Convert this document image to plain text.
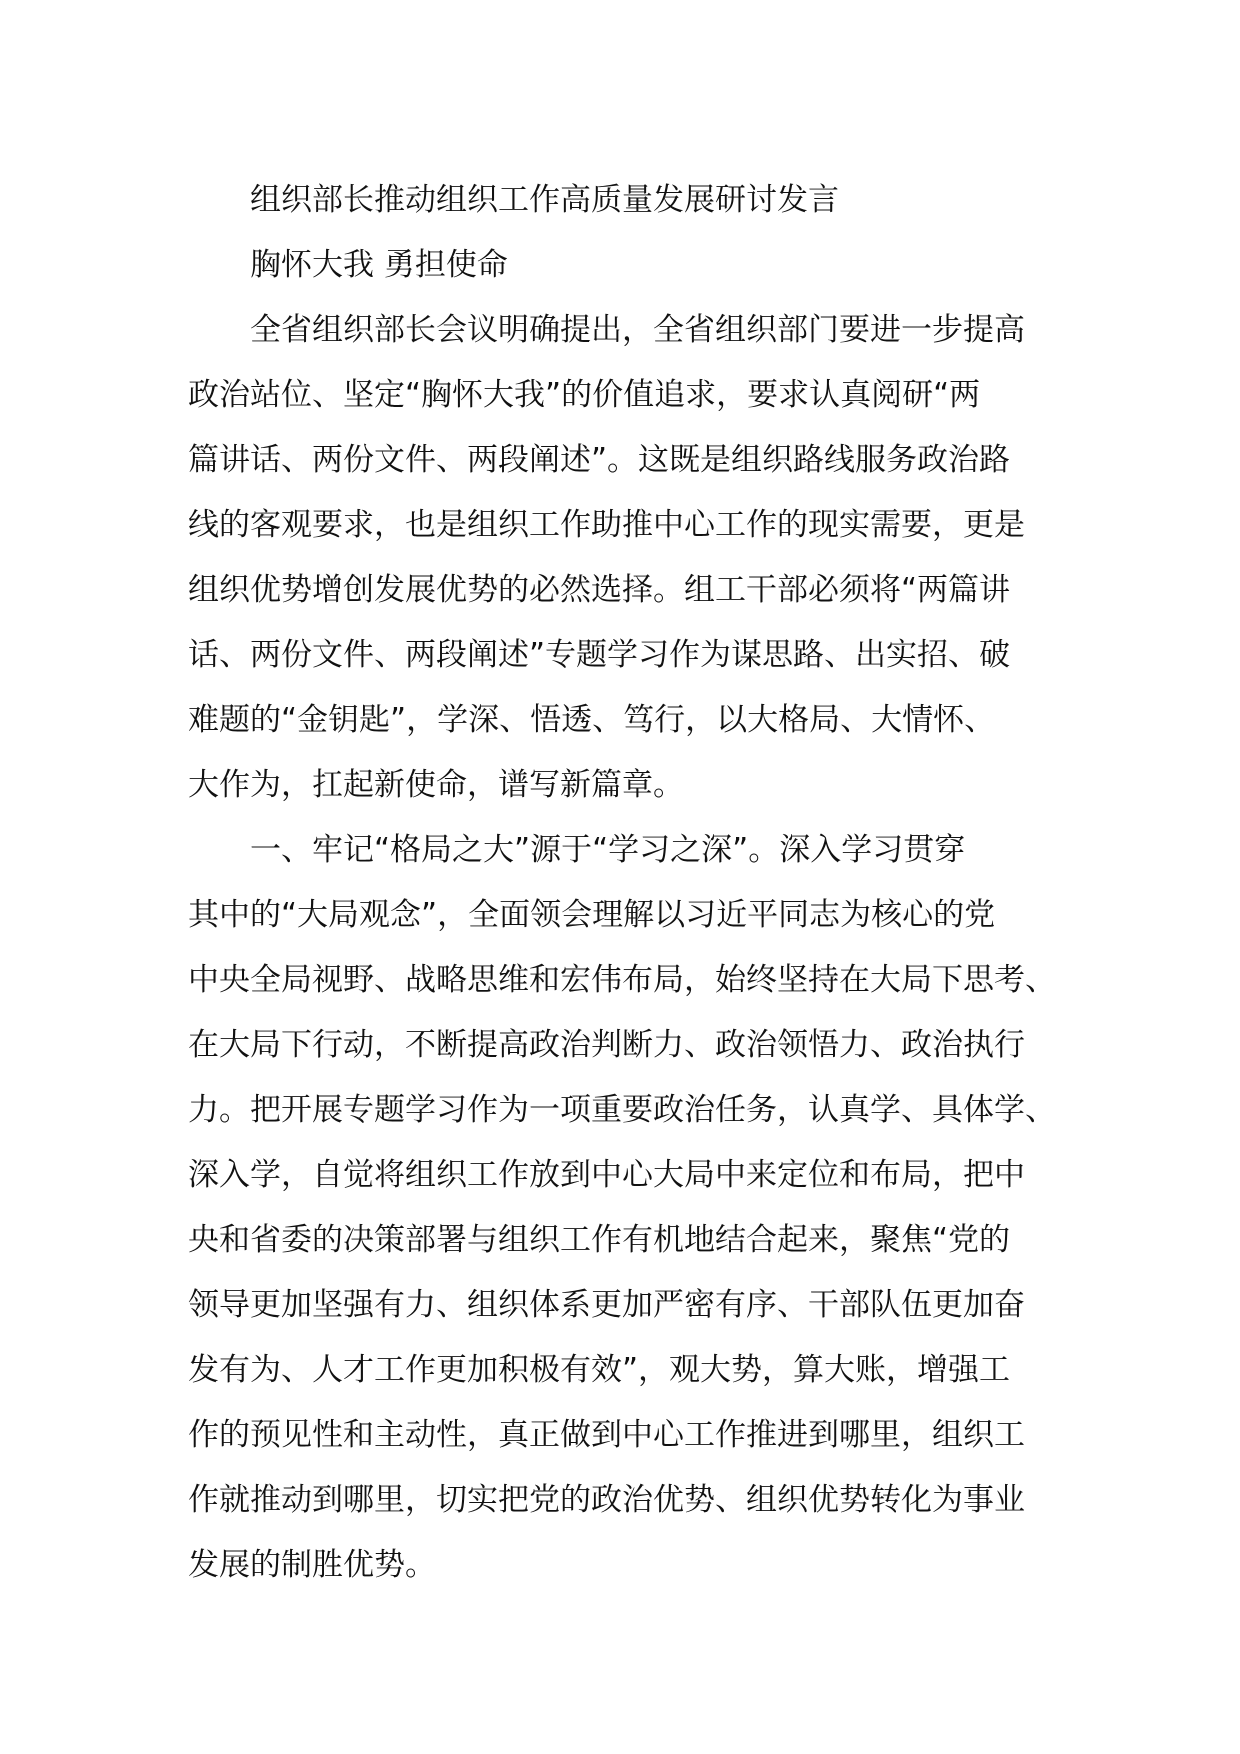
组织部长推动组织工作高质量发展研讨发言
胸怀大我 勇担使命
全省组织部长会议明确提出，全省组织部门要进一步提高
政治站位、坚定“胸怀大我”的价值追求，要求认真阅研“两
篇讲话、两份文件、两段阐述”。这既是组织路线服务政治路
线的客观要求，也是组织工作助推中心工作的现实需要，更是
组织优势增创发展优势的必然选择。组工干部必须将“两篇讲
话、两份文件、两段阐述”专题学习作为谋思路、出实招、破
难题的“金钥匙”，学深、悟透、笃行，以大格局、大情怀、
大作为，扛起新使命，谱写新篇章。
一、牢记“格局之大”源于“学习之深”。深入学习贯穿
其中的“大局观念”，全面领会理解以习近平同志为核心的党
中央全局视野、战略思维和宏伟布局，始终坚持在大局下思考、
在大局下行动，不断提高政治判断力、政治领悟力、政治执行
力。把开展专题学习作为一项重要政治任务，认真学、具体学、
深入学，自觉将组织工作放到中心大局中来定位和布局，把中
央和省委的决策部署与组织工作有机地结合起来，聚焦“党的
领导更加坚强有力、组织体系更加严密有序、干部队伍更加奋
发有为、人才工作更加积极有效”，观大势，算大账，增强工
作的预见性和主动性，真正做到中心工作推进到哪里，组织工
作就推动到哪里，切实把党的政治优势、组织优势转化为事业
发展的制胜优势。
